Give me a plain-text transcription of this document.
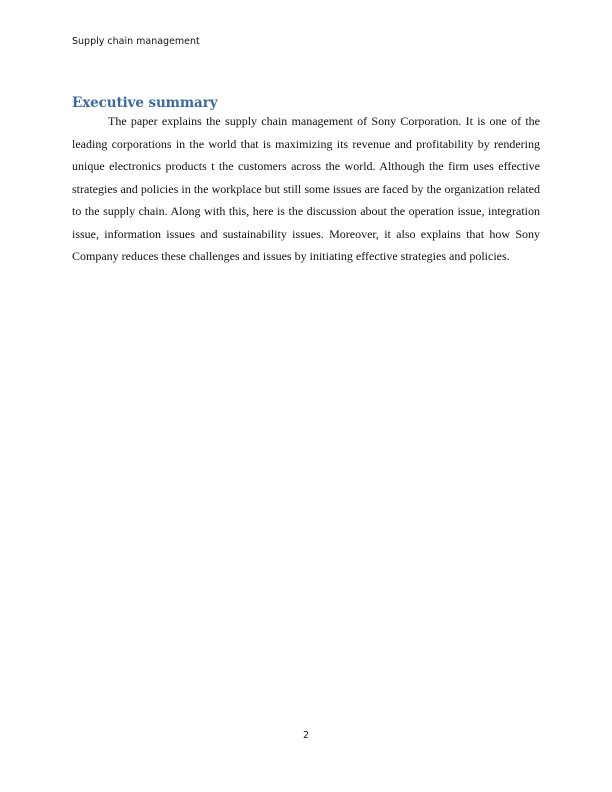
Supply chain management
Executive summary

The paper explains the supply chain management of Sony Corporation. It is one of the leading corporations in the world that is maximizing its revenue and profitability by rendering unique electronics products t the customers across the world. Although the firm uses effective strategies and policies in the workplace but still some issues are faced by the organization related to the supply chain. Along with this, here is the discussion about the operation issue, integration issue, information issues and sustainability issues. Moreover, it also explains that how Sony Company reduces these challenges and issues by initiating effective strategies and policies.

2
